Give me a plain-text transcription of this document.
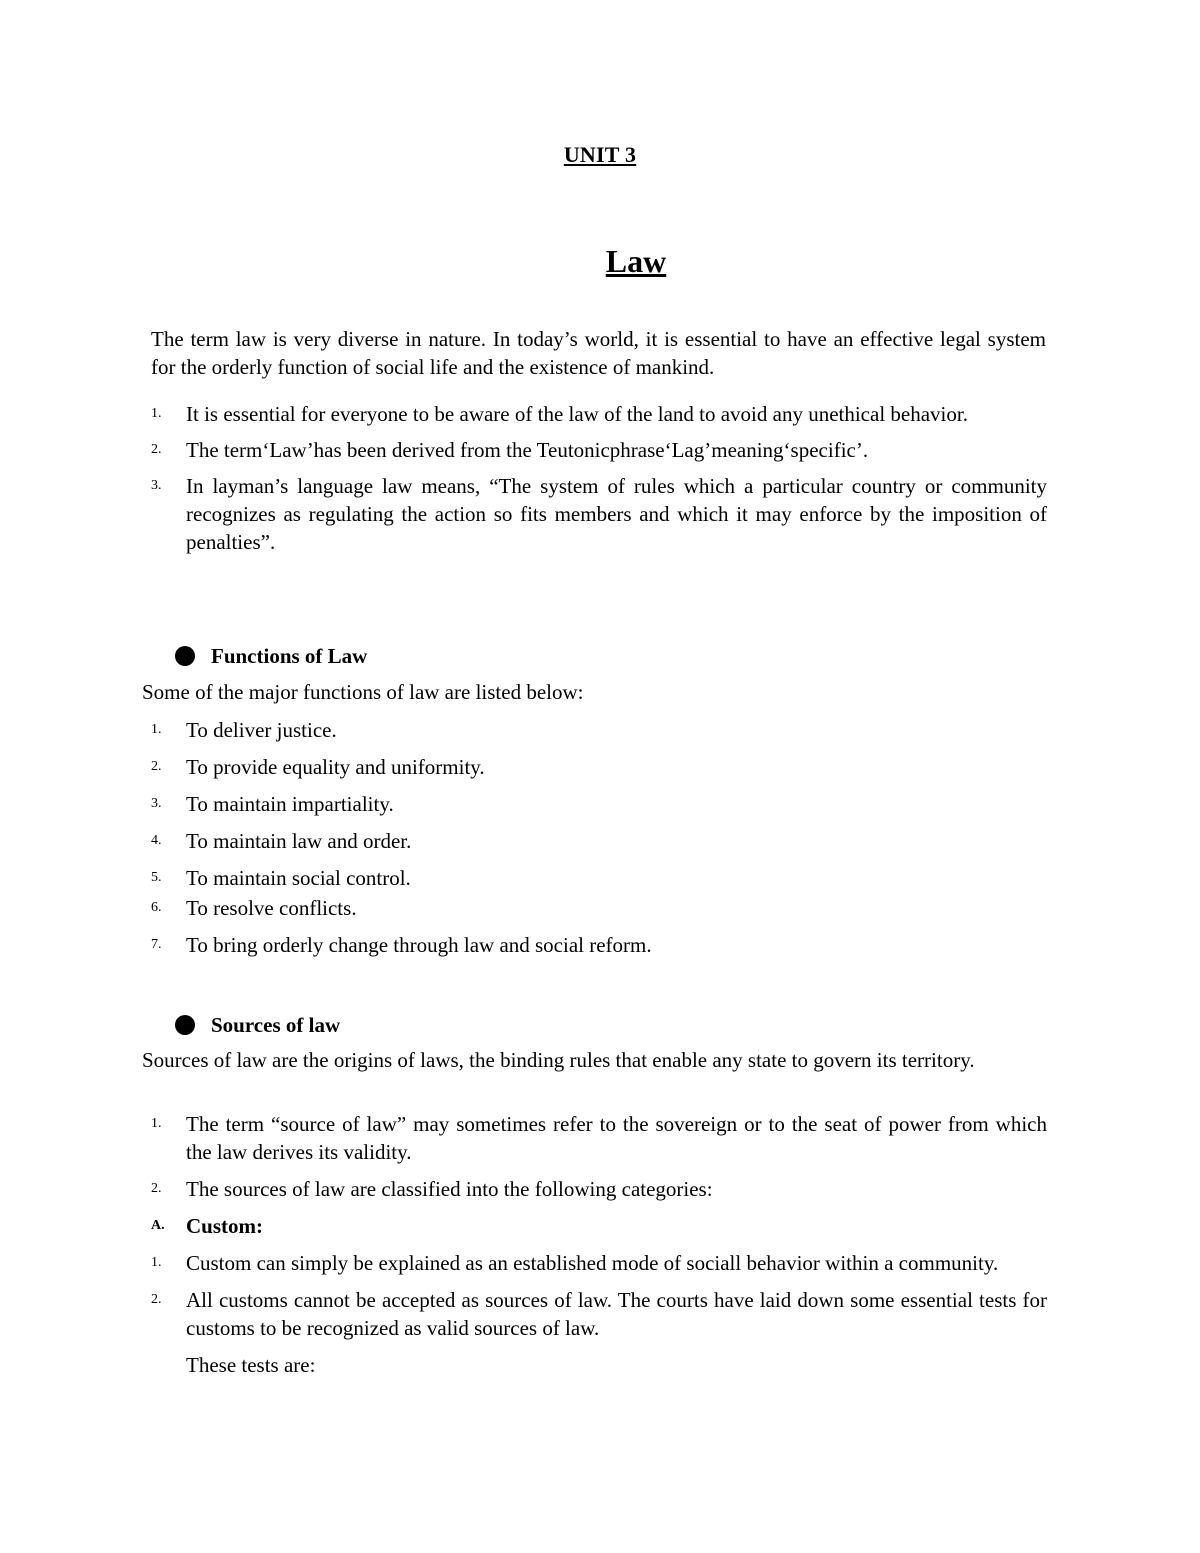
UNIT 3

Law

The term law is very diverse in nature. In today’s world, it is essential to have an effective legal system for the orderly function of social life and the existence of mankind.

1.	It is essential for everyone to be aware of the law of the land to avoid any unethical behavior.
2.	The term‘Law’has been derived from the Teutonicphrase‘Lag’meaning‘specific’.
3.	In layman’s language law means, “The system of rules which a particular country or community recognizes as regulating the action so fits members and which it may enforce by the imposition of penalties”.
Functions of Law

Some of the major functions of law are listed below:

1.	To deliver justice.
2.	To provide equality and uniformity.
3.	To maintain impartiality.
4.	To maintain law and order.
5.	To maintain social control.
6.	To resolve conflicts.
7.	To bring orderly change through law and social reform.
Sources of law

Sources of law are the origins of laws, the binding rules that enable any state to govern its territory.

1.	The term “source of law” may sometimes refer to the sovereign or to the seat of power from which the law derives its validity.
2.	The sources of law are classified into the following categories:
A.	Custom:
1.	Custom can simply be explained as an established mode of sociall behavior within a community.
2.	All customs cannot be accepted as sources of law. The courts have laid down some essential tests for customs to be recognized as valid sources of law.
These tests are:
